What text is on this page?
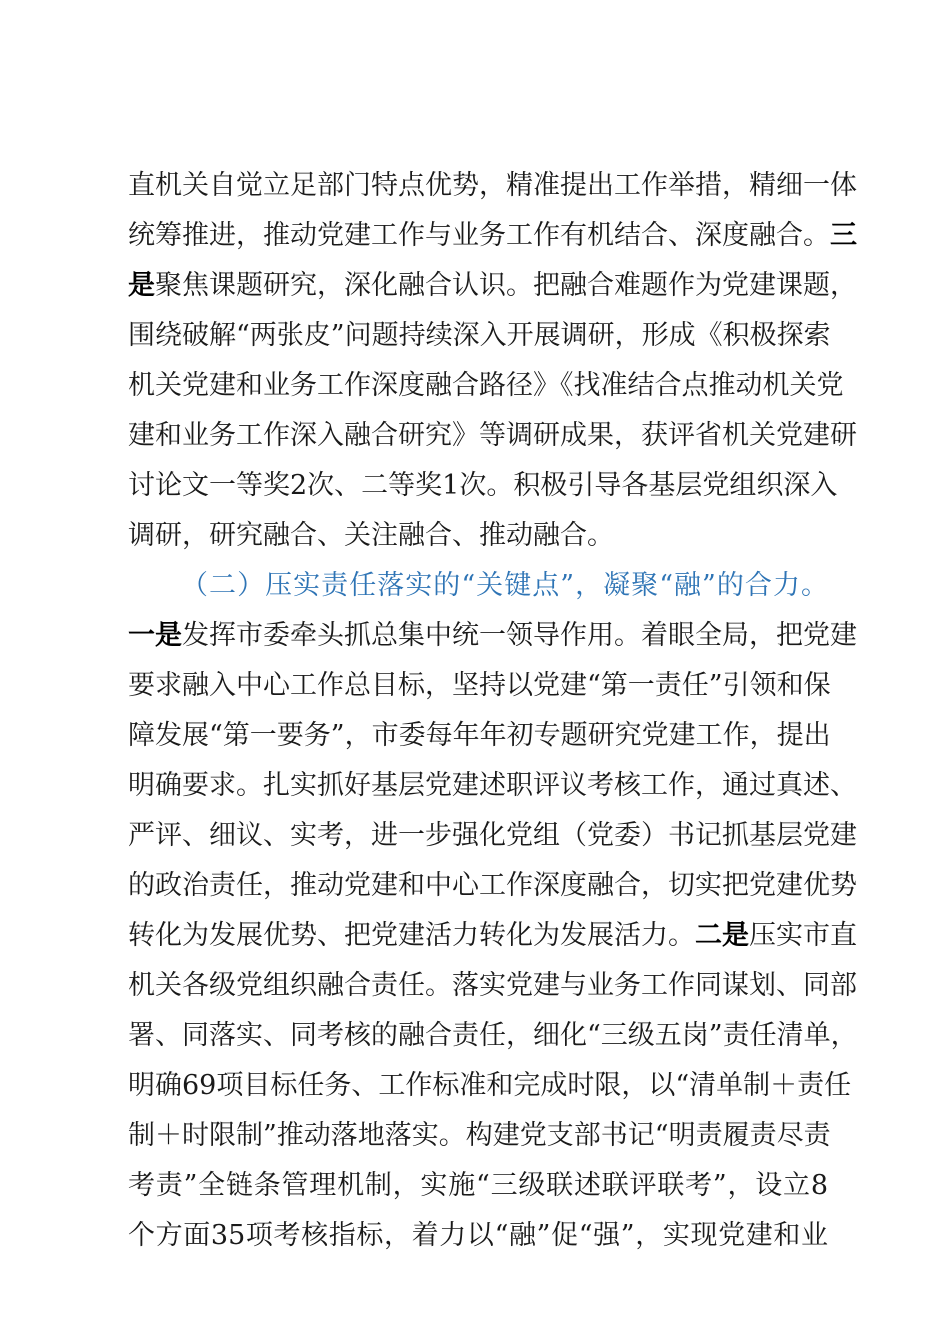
直机关自觉立足部门特点优势，精准提出工作举措，精细一体
统筹推进，推动党建工作与业务工作有机结合、深度融合。三
是聚焦课题研究，深化融合认识。把融合难题作为党建课题，
围绕破解“两张皮”问题持续深入开展调研，形成《积极探索
机关党建和业务工作深度融合路径》《找准结合点推动机关党
建和业务工作深入融合研究》等调研成果，获评省机关党建研
讨论文一等奖2次、二等奖1次。积极引导各基层党组织深入
调研，研究融合、关注融合、推动融合。
（二）压实责任落实的“关键点”，凝聚“融”的合力。
一是发挥市委牵头抓总集中统一领导作用。着眼全局，把党建
要求融入中心工作总目标，坚持以党建“第一责任”引领和保
障发展“第一要务”，市委每年年初专题研究党建工作，提出
明确要求。扎实抓好基层党建述职评议考核工作，通过真述、
严评、细议、实考，进一步强化党组（党委）书记抓基层党建
的政治责任，推动党建和中心工作深度融合，切实把党建优势
转化为发展优势、把党建活力转化为发展活力。二是压实市直
机关各级党组织融合责任。落实党建与业务工作同谋划、同部
署、同落实、同考核的融合责任，细化“三级五岗”责任清单，
明确69项目标任务、工作标准和完成时限，以“清单制＋责任
制＋时限制”推动落地落实。构建党支部书记“明责履责尽责
考责”全链条管理机制，实施“三级联述联评联考”，设立8
个方面35项考核指标，着力以“融”促“强”，实现党建和业
